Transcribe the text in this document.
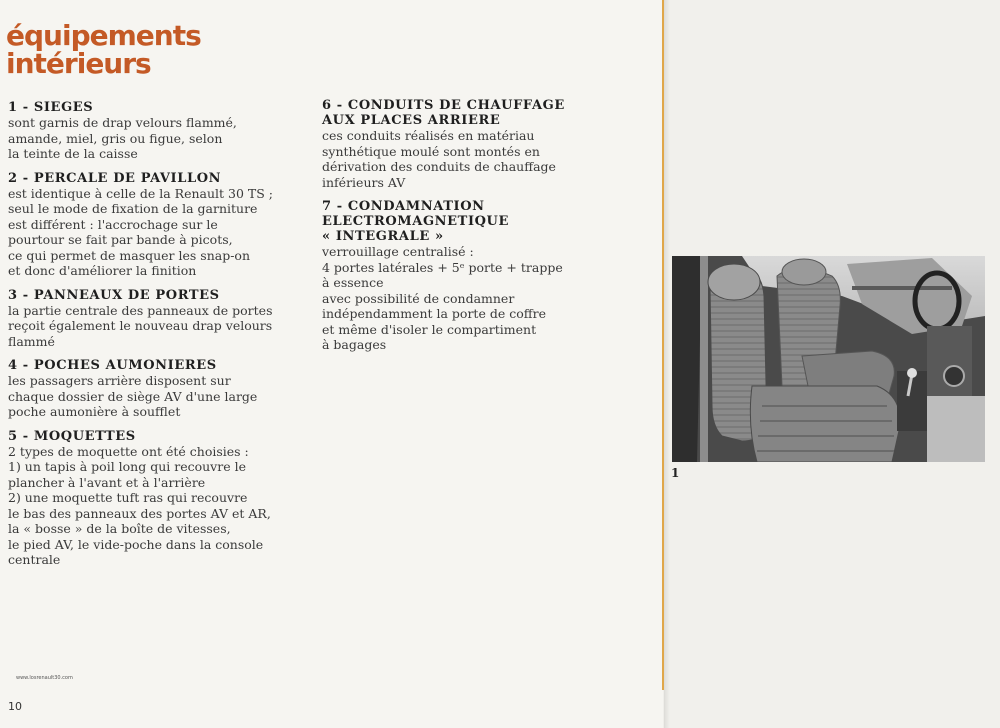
équipements
intérieurs
1 - SIEGES

sont garnis de drap velours flammé,
amande, miel, gris ou figue, selon
la teinte de la caisse

2 - PERCALE DE PAVILLON

est identique à celle de la Renault 30 TS ;
seul le mode de fixation de la garniture
est différent : l'accrochage sur le
pourtour se fait par bande à picots,
ce qui permet de masquer les snap-on
et donc d'améliorer la finition

3 - PANNEAUX DE PORTES

la partie centrale des panneaux de portes
reçoit également le nouveau drap velours
flammé

4 - POCHES AUMONIERES

les passagers arrière disposent sur
chaque dossier de siège AV d'une large
poche aumonière à soufflet

5 - MOQUETTES

2 types de moquette ont été choisies :
1) un tapis à poil long qui recouvre le
plancher à l'avant et à l'arrière
2) une moquette tuft ras qui recouvre
le bas des panneaux des portes AV et AR,
la « bosse » de la boîte de vitesses,
le pied AV, le vide-poche dans la console
centrale

6 - CONDUITS DE CHAUFFAGE
AUX PLACES ARRIERE

ces conduits réalisés en matériau
synthétique moulé sont montés en
dérivation des conduits de chauffage
inférieurs AV

7 - CONDAMNATION
ELECTROMAGNETIQUE
« INTEGRALE »

verrouillage centralisé :
4 portes latérales + 5ᵉ porte + trappe
à essence
avec possibilité de condamner
indépendamment la porte de coffre
et même d'isoler le compartiment
à bagages

1

www.losrenault30.com

10
